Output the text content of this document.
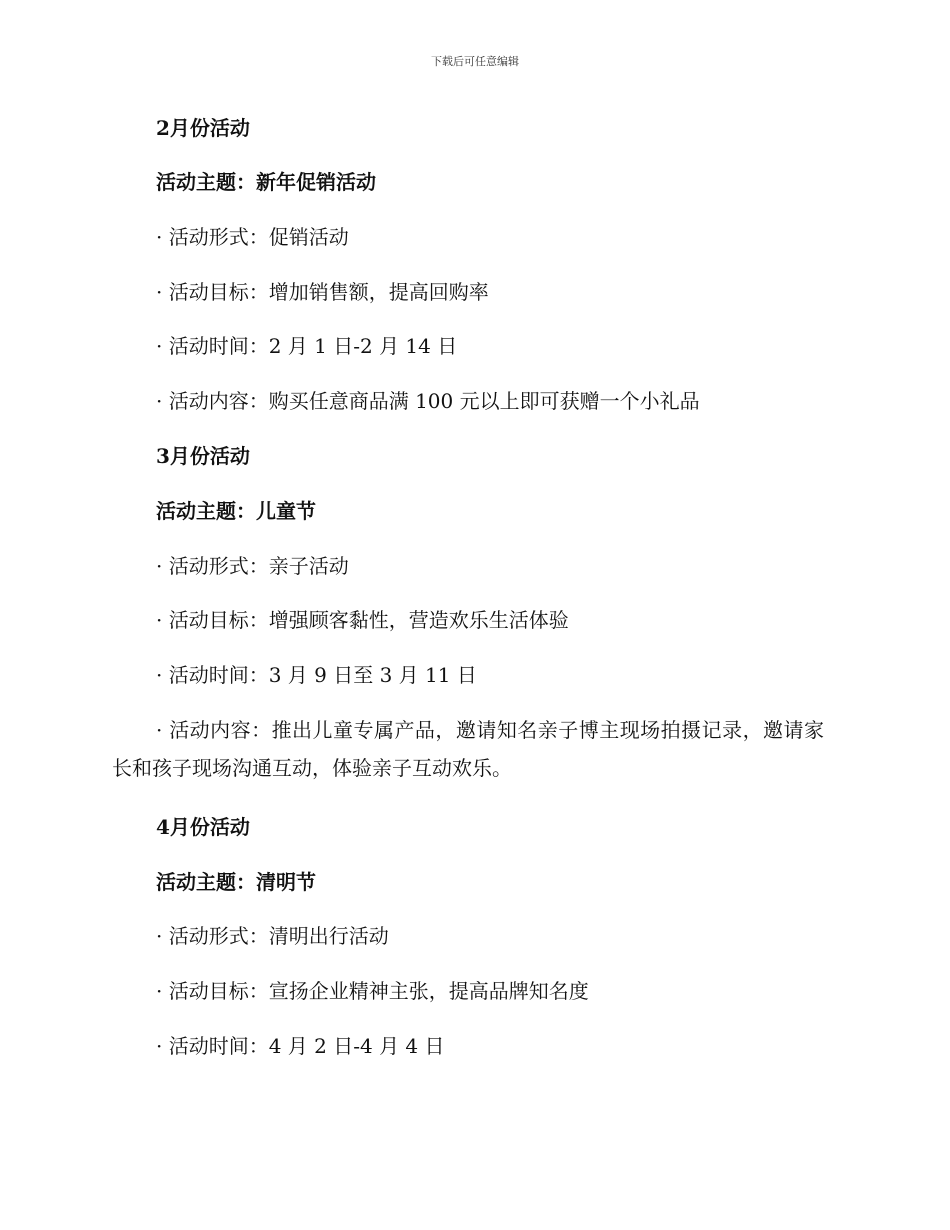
下载后可任意编辑
2月份活动
活动主题：新年促销活动
· 活动形式：促销活动
· 活动目标：增加销售额，提高回购率
· 活动时间：2 月 1 日-2 月 14 日
· 活动内容：购买任意商品满 100 元以上即可获赠一个小礼品
3月份活动
活动主题：儿童节
· 活动形式：亲子活动
· 活动目标：增强顾客黏性，营造欢乐生活体验
· 活动时间：3 月 9 日至 3 月 11 日
· 活动内容：推出儿童专属产品，邀请知名亲子博主现场拍摄记录，邀请家长和孩子现场沟通互动，体验亲子互动欢乐。
4月份活动
活动主题：清明节
· 活动形式：清明出行活动
· 活动目标：宣扬企业精神主张，提高品牌知名度
· 活动时间：4 月 2 日-4 月 4 日
